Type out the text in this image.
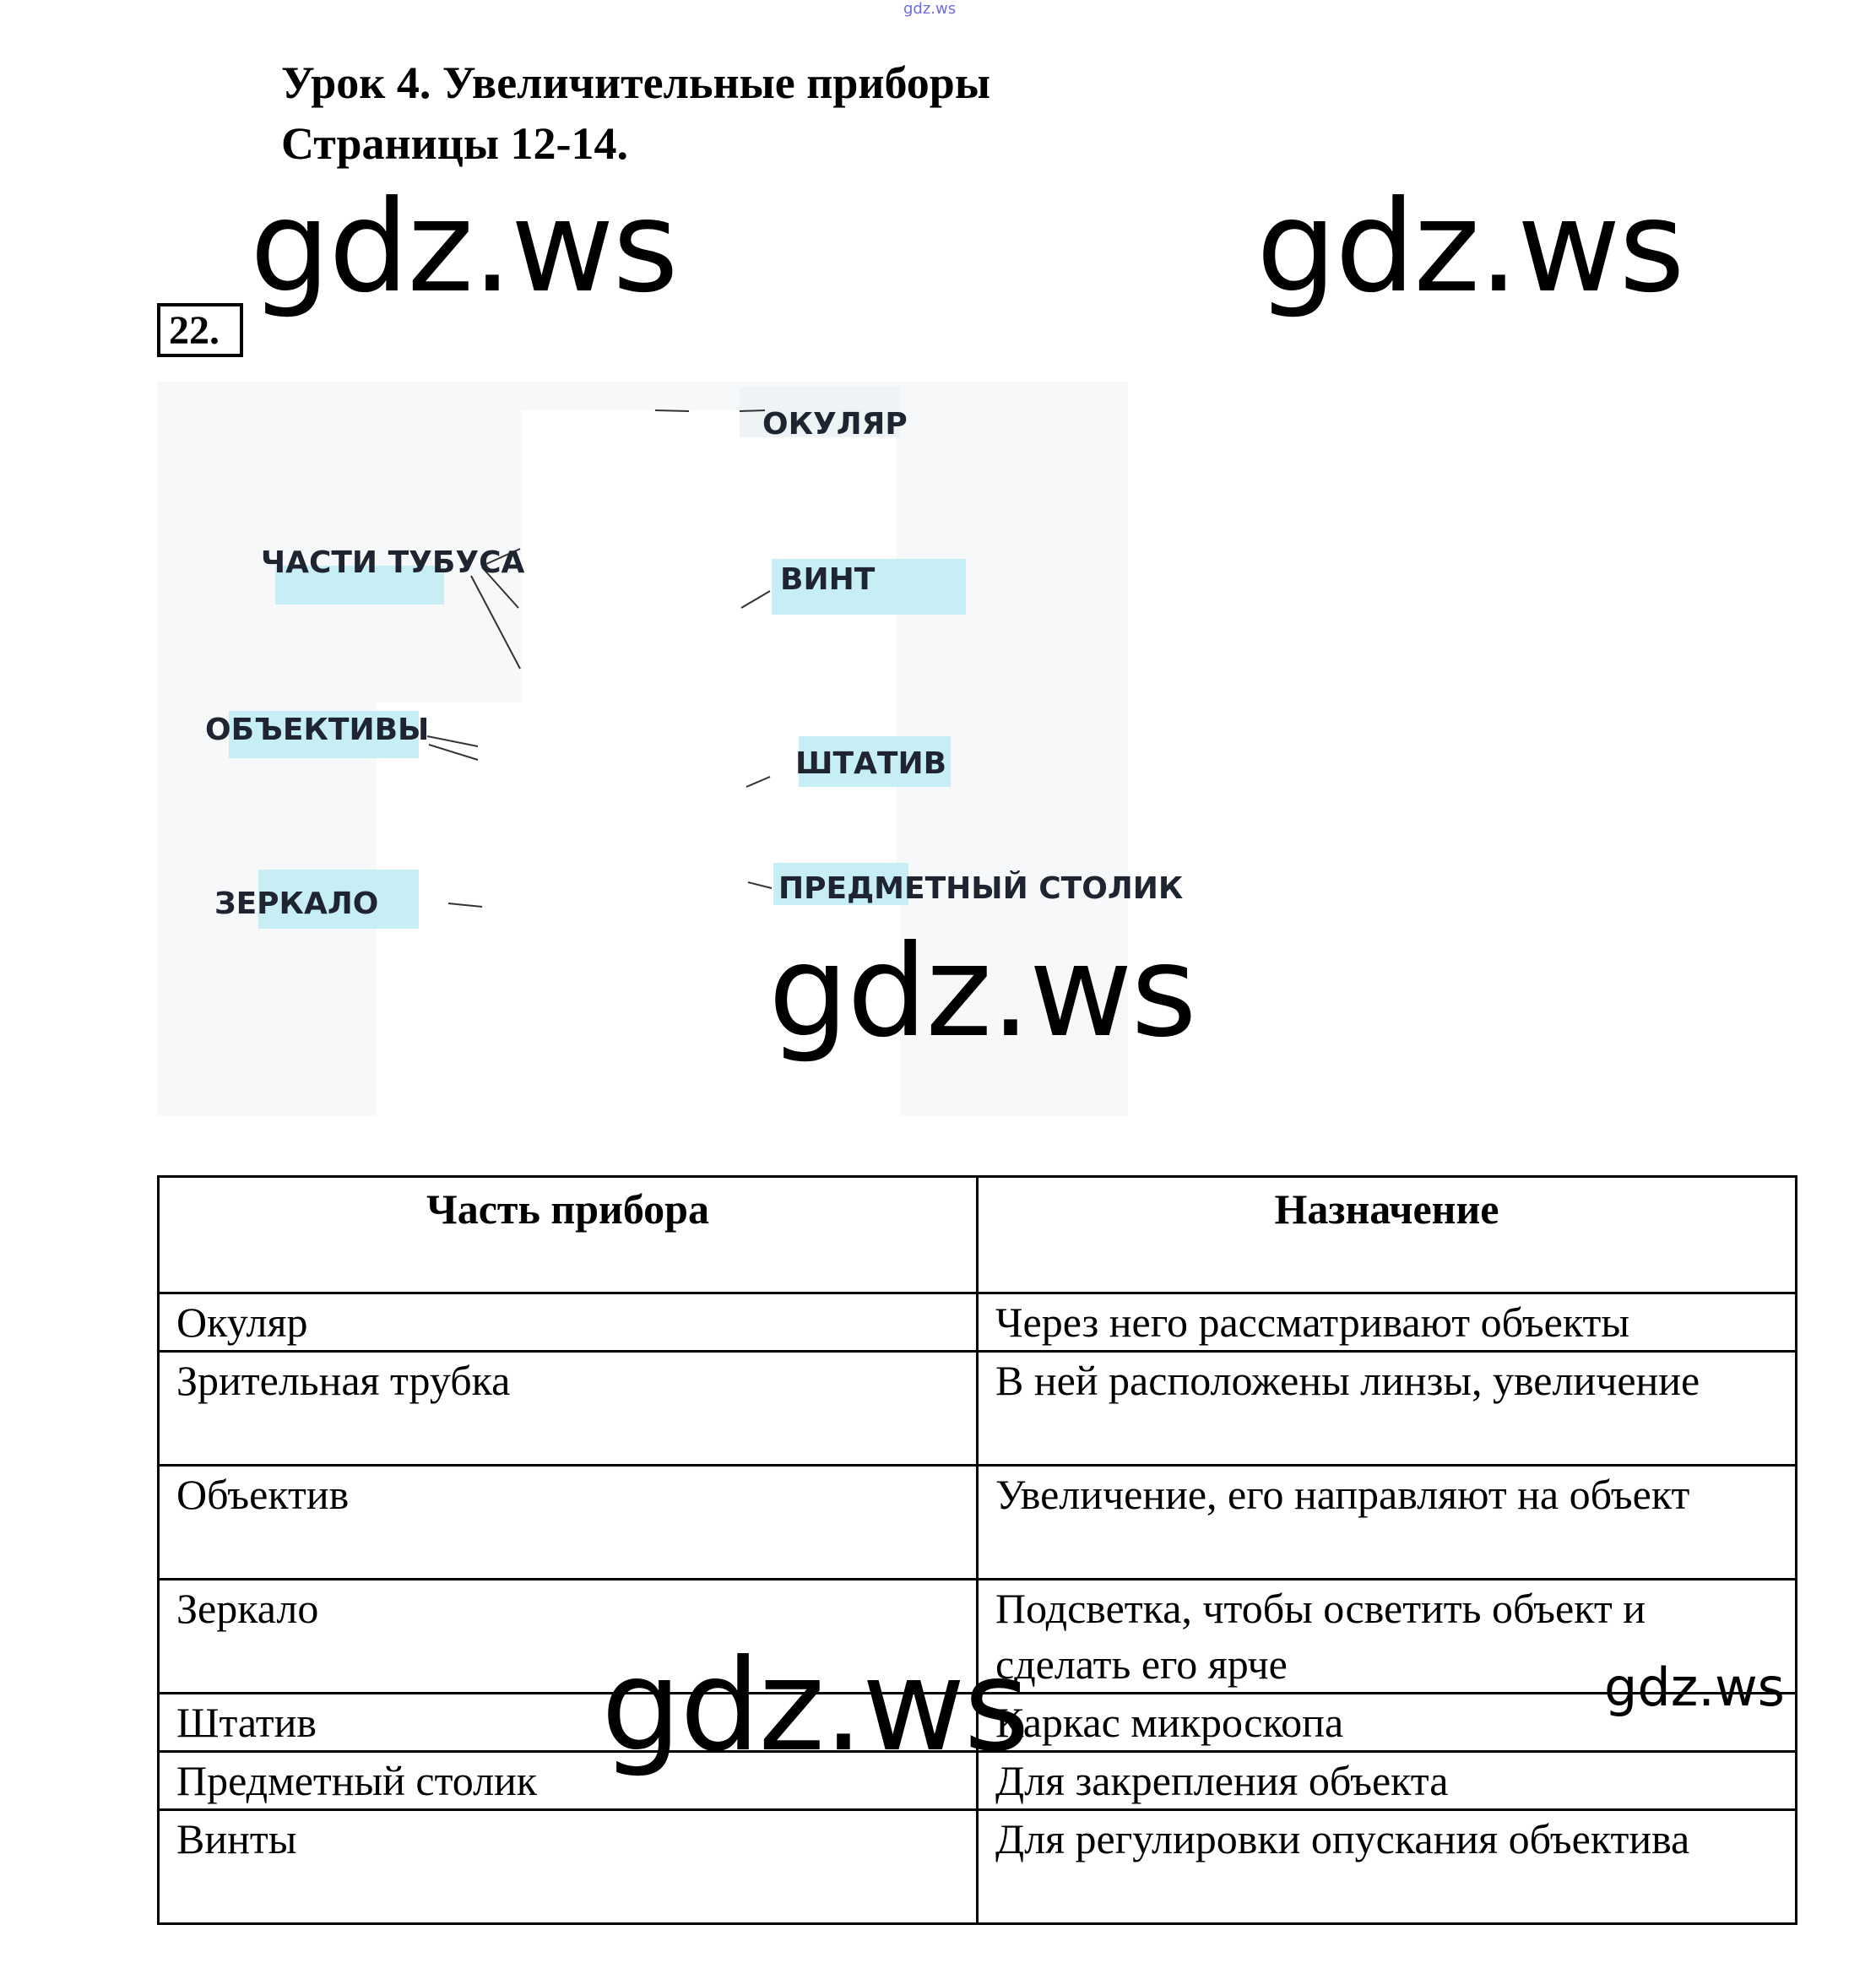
gdz.ws
Урок 4. Увеличительные приборы
Страницы 12-14.
gdz.ws	gdz.ws
22.
ОКУЛЯР
ЧАСТИ ТУБУСА	ВИНТ
ОБЪЕКТИВЫ
ШТАТИВ
ЗЕРКАЛО	ПРЕДМЕТНЫЙ СТОЛИК
gdz.ws
Часть прибора	Назначение
Окуляр	Через него рассматривают объекты
Зрительная трубка	В ней расположены линзы, увеличение
Объектив	Увеличение, его направляют на объект
Зеркало	Подсветка, чтобы осветить объект и сделать его ярче
Штатив	Каркас микроскопа
Предметный столик	Для закрепления объекта
Винты	Для регулировки опускания объектива
gdz.ws	gdz.ws
